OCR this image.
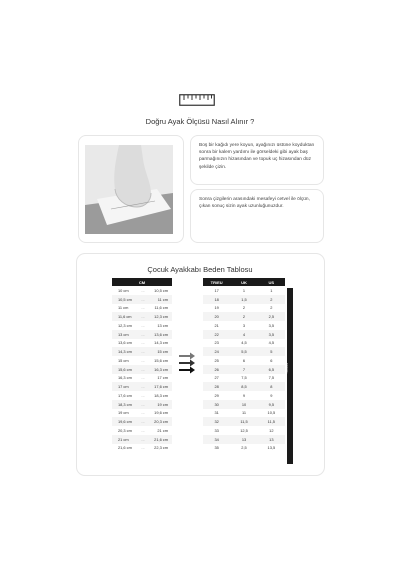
Doğru Ayak Ölçüsü Nasıl Alınır ?
Boş bir kağıdı yere koyun, ayağınızı üstüne koyduktan sonra bir kalem yardımı ile görseldeki gibi ayak baş parmağınızın hizasından ve topuk uç hizasından düz şekilde çizin.
Sonra çizgilerin arasındaki mesafeyi cetvel ile ölçün, çıkan sonuç sizin ayak uzunluğunuzdur.
Çocuk Ayakkabı Beden Tablosu
CM		
10 cm	...	10,5 cm
10,5 cm	...	11 cm
11 cm	...	11,6 cm
11,6 cm	...	12,3 cm
12,3 cm	...	13 cm
13 cm	...	13,6 cm
13,6 cm	...	14,3 cm
14,3 cm	...	15 cm
15 cm	...	15,6 cm
15,6 cm	...	16,3 cm
16,3 cm	...	17 cm
17 cm	...	17,6 cm
17,6 cm	...	18,3 cm
18,3 cm	...	19 cm
19 cm	...	19,6 cm
19,6 cm	...	20,3 cm
20,3 cm	...	21 cm
21 cm	...	21,6 cm
21,6 cm	...	22,3 cm
TR/EU	UK	US
17	1	1
18	1,5	2
19	2	2
20	2	2,5
21	3	3,5
22	4	3,5
23	4,5	4,5
24	5,5	5
25	6	6
26	7	6,5
27	7,5	7,5
28	8,5	8
29	9	9
30	10	9,5
31	11	10,5
32	11,5	11,5
33	12,5	12
34	13	13
35	2,5	13,5
BEDEN
